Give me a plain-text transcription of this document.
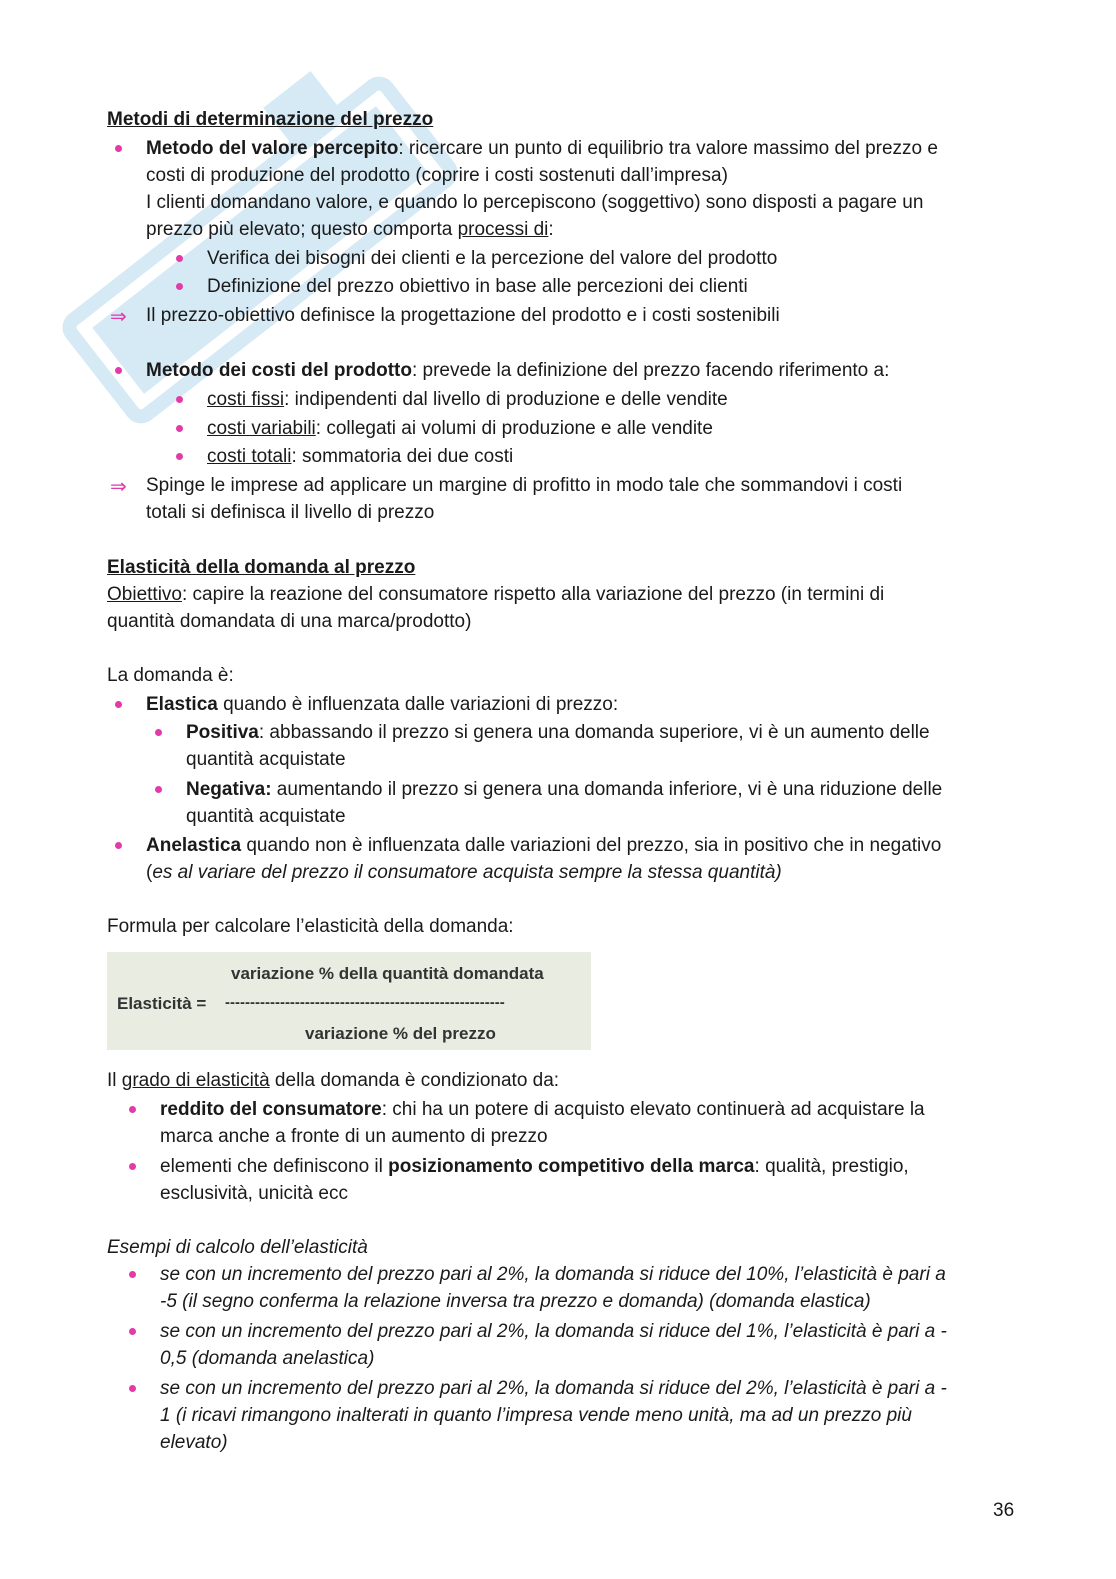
Metodi di determinazione del prezzo
Metodo del valore percepito: ricercare un punto di equilibrio tra valore massimo del prezzo e
costi di produzione del prodotto (coprire i costi sostenuti dall’impresa)
I clienti domandano valore, e quando lo percepiscono (soggettivo) sono disposti a pagare un
prezzo più elevato; questo comporta processi di:
Verifica dei bisogni dei clienti e la percezione del valore del prodotto
Definizione del prezzo obiettivo in base alle percezioni dei clienti
⇒ Il prezzo-obiettivo definisce la progettazione del prodotto e i costi sostenibili
Metodo dei costi del prodotto: prevede la definizione del prezzo facendo riferimento a:
costi fissi: indipendenti dal livello di produzione e delle vendite
costi variabili: collegati ai volumi di produzione e alle vendite
costi totali: sommatoria dei due costi
⇒ Spinge le imprese ad applicare un margine di profitto in modo tale che sommandovi i costi
totali si definisca il livello di prezzo
Elasticità della domanda al prezzo
Obiettivo: capire la reazione del consumatore rispetto alla variazione del prezzo (in termini di
quantità domandata di una marca/prodotto)
La domanda è:
Elastica quando è influenzata dalle variazioni di prezzo:
Positiva: abbassando il prezzo si genera una domanda superiore, vi è un aumento delle
quantità acquistate
Negativa: aumentando il prezzo si genera una domanda inferiore, vi è una riduzione delle
quantità acquistate
Anelastica quando non è influenzata dalle variazioni del prezzo, sia in positivo che in negativo
(es al variare del prezzo il consumatore acquista sempre la stessa quantità)
Formula per calcolare l’elasticità della domanda:
variazione % della quantità domandata
Elasticità = --------------------------------------------------------
variazione % del prezzo
Il grado di elasticità della domanda è condizionato da:
reddito del consumatore: chi ha un potere di acquisto elevato continuerà ad acquistare la
marca anche a fronte di un aumento di prezzo
elementi che definiscono il posizionamento competitivo della marca: qualità, prestigio,
esclusività, unicità ecc
Esempi di calcolo dell’elasticità
se con un incremento del prezzo pari al 2%, la domanda si riduce del 10%, l’elasticità è pari a
-5 (il segno conferma la relazione inversa tra prezzo e domanda) (domanda elastica)
se con un incremento del prezzo pari al 2%, la domanda si riduce del 1%, l’elasticità è pari a -
0,5 (domanda anelastica)
se con un incremento del prezzo pari al 2%, la domanda si riduce del 2%, l’elasticità è pari a -
1 (i ricavi rimangono inalterati in quanto l’impresa vende meno unità, ma ad un prezzo più
elevato)
36
